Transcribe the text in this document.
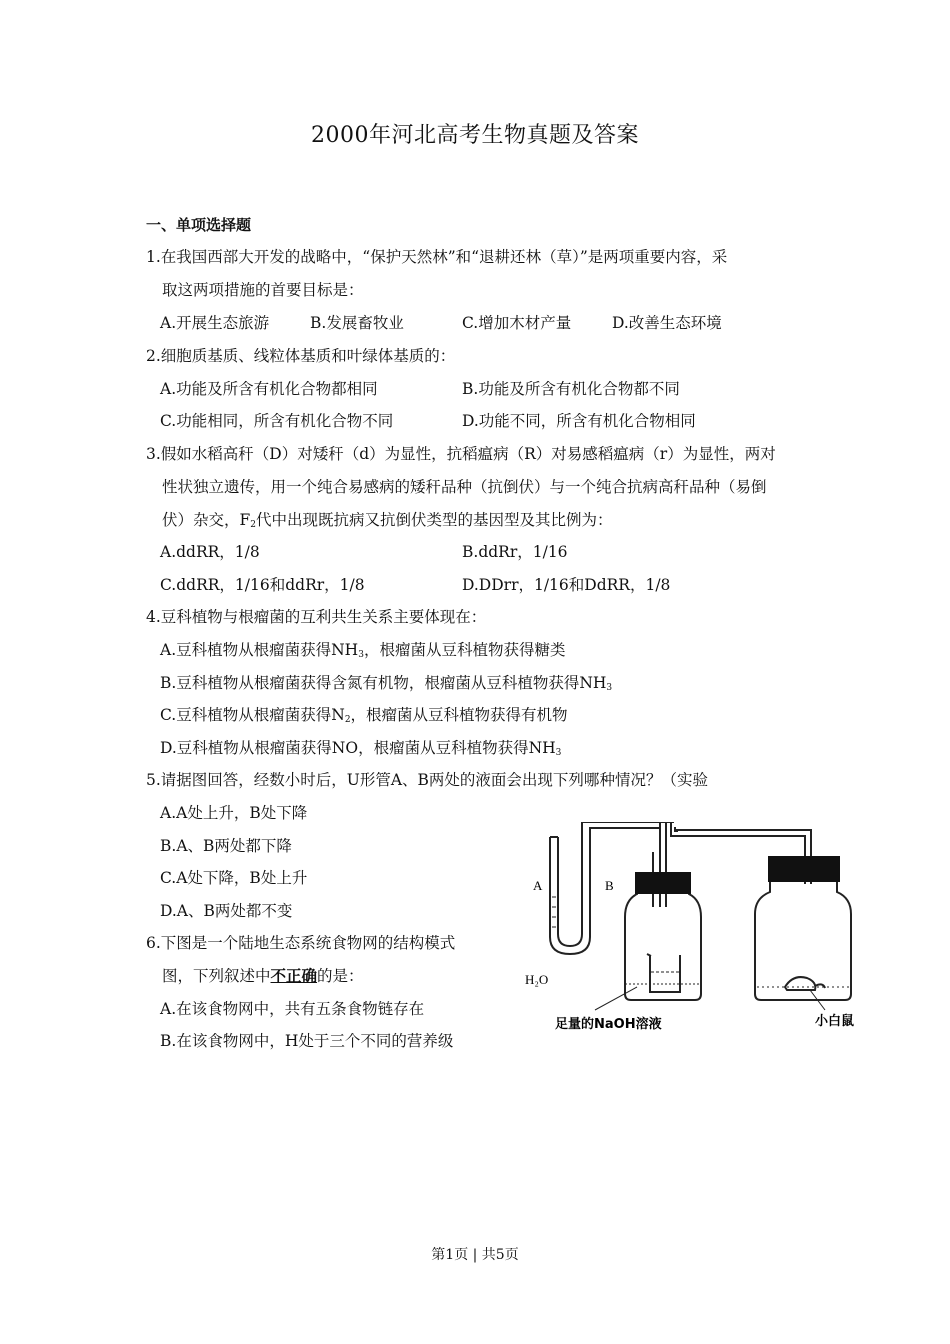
2000年河北高考生物真题及答案
一、单项选择题
1.在我国西部大开发的战略中，“保护天然林”和“退耕还林（草）”是两项重要内容，采
取这两项措施的首要目标是：
A.开展生态旅游	B.发展畜牧业	C.增加木材产量	D.改善生态环境
2.细胞质基质、线粒体基质和叶绿体基质的：
A.功能及所含有机化合物都相同	B.功能及所含有机化合物都不同
C.功能相同，所含有机化合物不同	D.功能不同，所含有机化合物相同
3.假如水稻高秆（D）对矮秆（d）为显性，抗稻瘟病（R）对易感稻瘟病（r）为显性，两对
性状独立遗传，用一个纯合易感病的矮秆品种（抗倒伏）与一个纯合抗病高秆品种（易倒
伏）杂交，$F_2$代中出现既抗病又抗倒伏类型的基因型及其比例为：
A.ddRR，1/8	B.ddRr，1/16
C.ddRR，1/16和ddRr，1/8	D.DDrr，1/16和DdRR，1/8
4.豆科植物与根瘤菌的互利共生关系主要体现在：
A.豆科植物从根瘤菌获得$NH_3$，根瘤菌从豆科植物获得糖类
B.豆科植物从根瘤菌获得含氮有机物，根瘤菌从豆科植物获得$NH_3$
C.豆科植物从根瘤菌获得$N_2$，根瘤菌从豆科植物获得有机物
D.豆科植物从根瘤菌获得NO，根瘤菌从豆科植物获得$NH_3$
5.请据图回答，经数小时后，U形管A、B两处的液面会出现下列哪种情况？（实验
A.A处上升，B处下降
B.A、B两处都下降
C.A处下降，B处上升
D.A、B两处都不变
6.下图是一个陆地生态系统食物网的结构模式
图，下列叙述中不正确的是：
A.在该食物网中，共有五条食物链存在
B.在该食物网中，H处于三个不同的营养级
A	B
H₂O
足量的NaOH溶液	小白鼠
第1页 | 共5页
